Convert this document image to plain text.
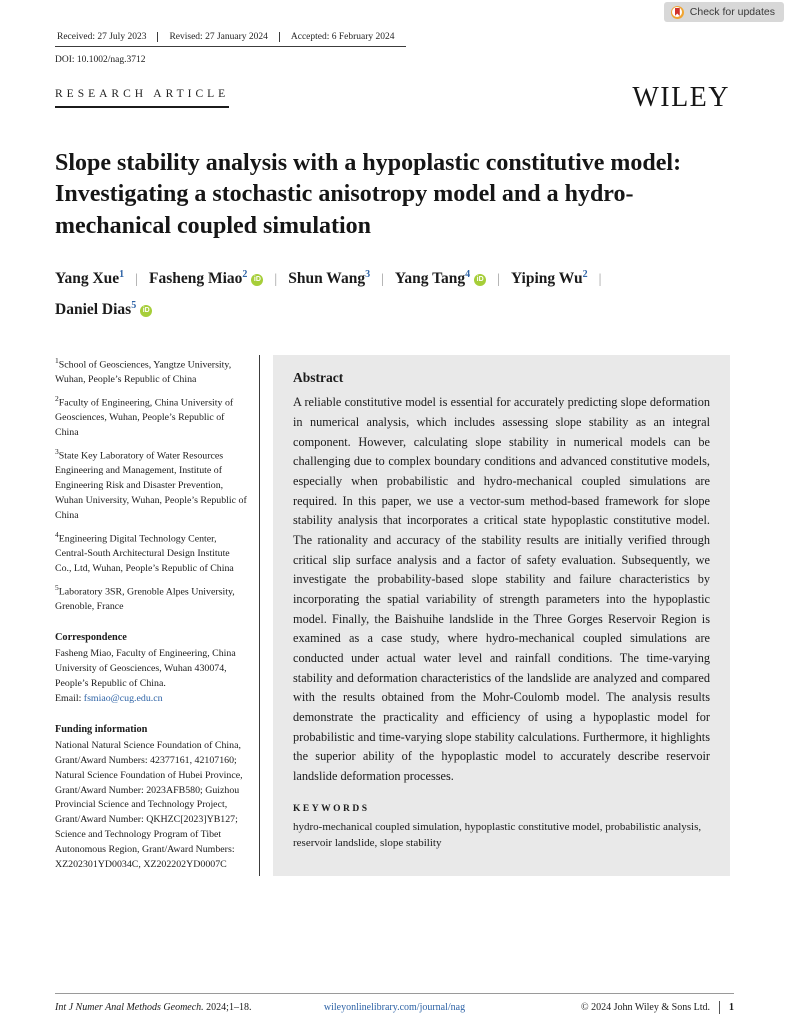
Check for updates
Received: 27 July 2023	Revised: 27 January 2024	Accepted: 6 February 2024
DOI: 10.1002/nag.3712
RESEARCH ARTICLE	WILEY
Slope stability analysis with a hypoplastic constitutive model: Investigating a stochastic anisotropy model and a hydro-mechanical coupled simulation
Yang Xue$^1$ | Fasheng Miao$^2$ iD | Shun Wang$^3$ | Yang Tang$^4$ iD | Yiping Wu$^2$ |
Daniel Dias$^5$ iD

$^1$School of Geosciences, Yangtze University, Wuhan, People’s Republic of China

$^2$Faculty of Engineering, China University of Geosciences, Wuhan, People’s Republic of China

$^3$State Key Laboratory of Water Resources Engineering and Management, Institute of Engineering Risk and Disaster Prevention, Wuhan University, Wuhan, People’s Republic of China

$^4$Engineering Digital Technology Center, Central-South Architectural Design Institute Co., Ltd, Wuhan, People’s Republic of China

$^5$Laboratory 3SR, Grenoble Alpes University, Grenoble, France

Correspondence
Fasheng Miao, Faculty of Engineering, China University of Geosciences, Wuhan 430074, People’s Republic of China.
Email: fsmiao@cug.edu.cn
Funding information
National Natural Science Foundation of China, Grant/Award Numbers: 42377161, 42107160; Natural Science Foundation of Hubei Province, Grant/Award Number: 2023AFB580; Guizhou Provincial Science and Technology Project, Grant/Award Number: QKHZC[2023]YB127; Science and Technology Program of Tibet Autonomous Region, Grant/Award Numbers: XZ202301YD0034C, XZ202202YD0007C
Abstract

A reliable constitutive model is essential for accurately predicting slope deformation in numerical analysis, which includes assessing slope stability as an integral component. However, calculating slope stability in numerical models can be challenging due to complex boundary conditions and advanced constitutive models, especially when probabilistic and hydro-mechanical coupled simulations are required. In this paper, we use a vector-sum method-based framework for slope stability analysis that incorporates a critical state hypoplastic constitutive model. The rationality and accuracy of the stability results are initially verified through critical slip surface analysis and a factor of safety evaluation. Subsequently, we investigate the probability-based slope stability and failure characteristics by incorporating the spatial variability of strength parameters into the hypoplastic model. Finally, the Baishuihe landslide in the Three Gorges Reservoir Region is examined as a case study, where hydro-mechanical coupled simulations are conducted under actual water level and rainfall conditions. The time-varying stability and deformation characteristics of the landslide are analyzed and compared with the results obtained from the Mohr-Coulomb model. The analysis results demonstrate the practicality and efficiency of using a hypoplastic model for probabilistic and time-varying slope stability calculations. Furthermore, it highlights the superior ability of the hypoplastic model to accurately describe reservoir landslide deformation processes.

KEYWORDS
hydro-mechanical coupled simulation, hypoplastic constitutive model, probabilistic analysis, reservoir landslide, slope stability
Int J Numer Anal Methods Geomech. 2024;1–18.	wileyonlinelibrary.com/journal/nag	© 2024 John Wiley & Sons Ltd. 1
